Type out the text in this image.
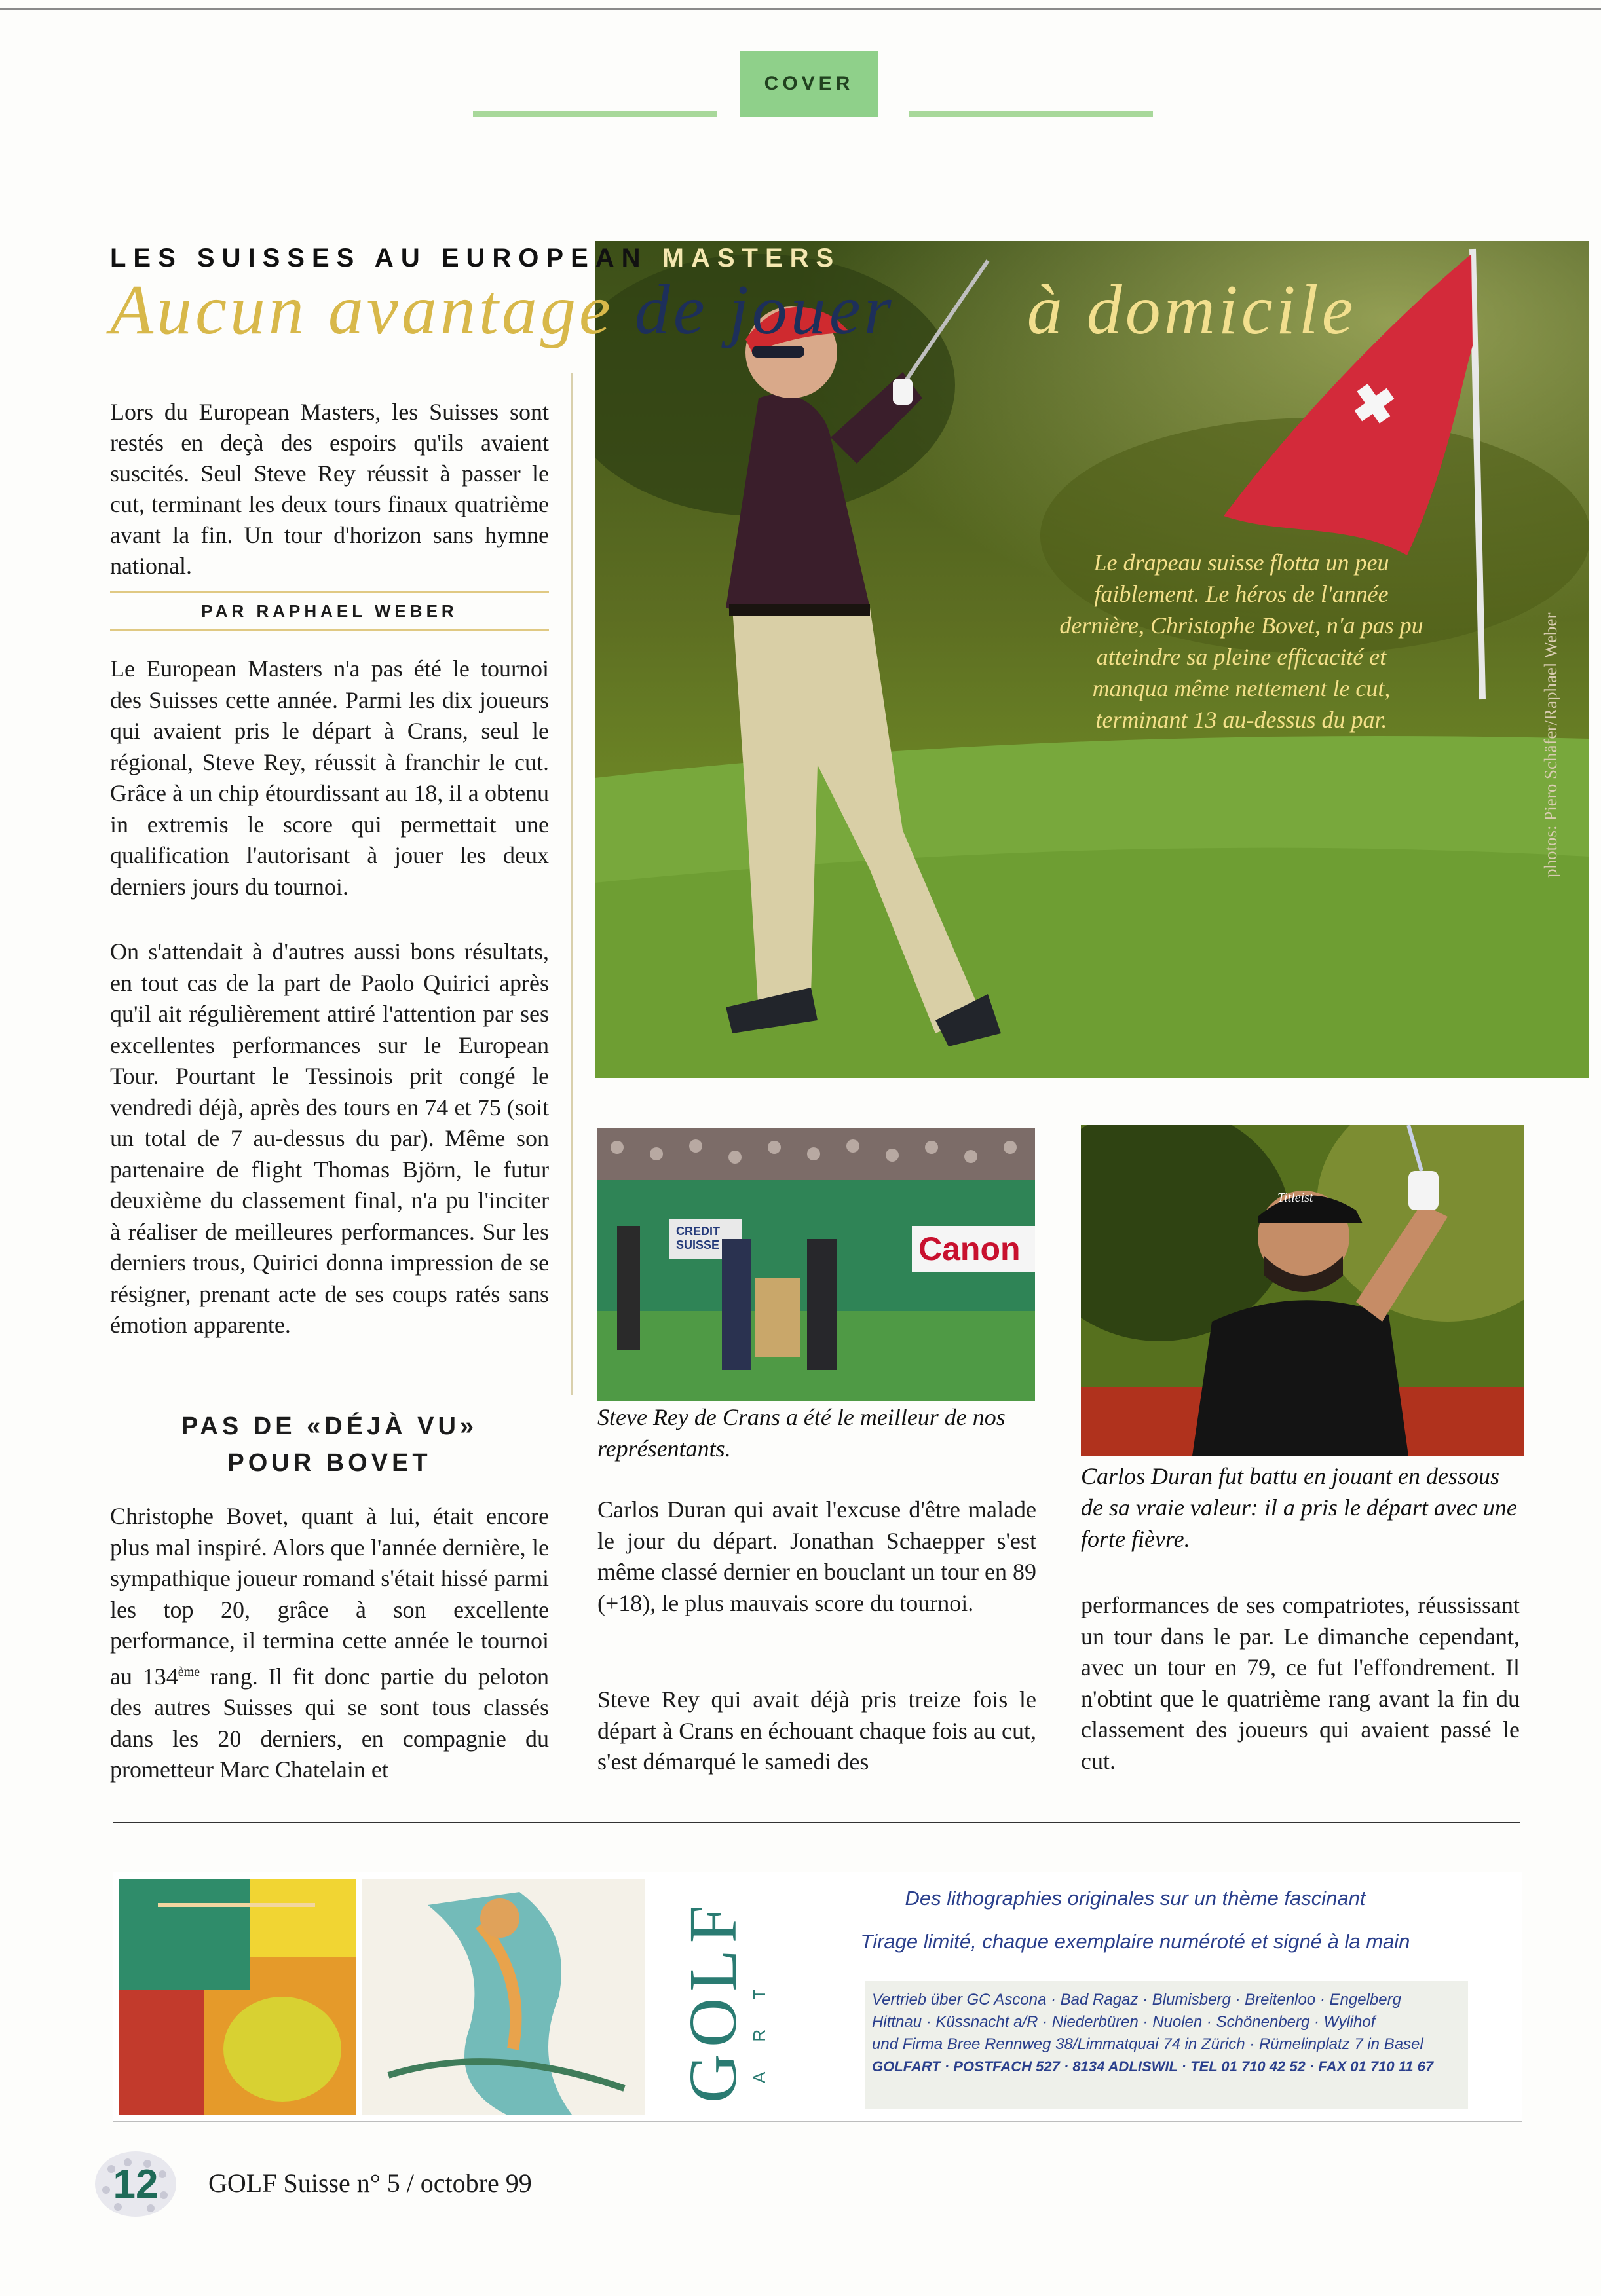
COVER
LES SUISSES AU EUROPEAN MASTERS
Aucun avantage de jouer à domicile
Le drapeau suisse flotta un peu faiblement. Le héros de l'année dernière, Christophe Bovet, n'a pas pu atteindre sa pleine efficacité et manqua même nettement le cut, terminant 13 au-dessus du par.	photos: Piero Schäfer/Raphael Weber

Lors du European Masters, les Suisses sont restés en deçà des espoirs qu'ils avaient suscités. Seul Steve Rey réussit à passer le cut, terminant les deux tours finaux quatrième avant la fin. Un tour d'horizon sans hymne national.

PAR RAPHAEL WEBER

Le European Masters n'a pas été le tournoi des Suisses cette année. Parmi les dix joueurs qui avaient pris le départ à Crans, seul le régional, Steve Rey, réussit à franchir le cut. Grâce à un chip étourdissant au 18, il a obtenu in extremis le score qui permettait une qualification l'autorisant à jouer les deux derniers jours du tournoi.

On s'attendait à d'autres aussi bons résultats, en tout cas de la part de Paolo Quirici après qu'il ait régulièrement attiré l'attention par ses excellentes performances sur le European Tour. Pourtant le Tessinois prit congé le vendredi déjà, après des tours en 74 et 75 (soit un total de 7 au-dessus du par). Même son partenaire de flight Thomas Björn, le futur deuxième du classement final, n'a pu l'inciter à réaliser de meilleures performances. Sur les derniers trous, Quirici donna impression de se résigner, prenant acte de ses coups ratés sans émotion apparente.

PAS DE «DÉJÀ VU»
POUR BOVET

Christophe Bovet, quant à lui, était encore plus mal inspiré. Alors que l'année dernière, le sympathique joueur romand s'était hissé parmi les top 20, grâce à son excellente performance, il termina cette année le tournoi au 134ème rang. Il fit donc partie du peloton des autres Suisses qui se sont tous classés dans les 20 derniers, en compagnie du prometteur Marc Chatelain et

CREDIT SUISSE	Canon
Steve Rey de Crans a été le meilleur de nos représentants.
Titleist
Carlos Duran fut battu en jouant en dessous de sa vraie valeur: il a pris le départ avec une forte fièvre.

Carlos Duran qui avait l'excuse d'être malade le jour du départ. Jonathan Schaepper s'est même classé dernier en bouclant un tour en 89 (+18), le plus mauvais score du tournoi.

Steve Rey qui avait déjà pris treize fois le départ à Crans en échouant chaque fois au cut, s'est démarqué le samedi des

performances de ses compatriotes, réussissant un tour dans le par. Le dimanche cependant, avec un tour en 79, ce fut l'effondrement. Il n'obtint que le quatrième rang avant la fin du classement des joueurs qui avaient passé le cut.

GOLF
ART
Des lithographies originales sur un thème fascinant
Tirage limité, chaque exemplaire numéroté et signé à la main
Vertrieb über GC Ascona · Bad Ragaz · Blumisberg · Breitenloo · Engelberg
Hittnau · Küssnacht a/R · Niederbüren · Nuolen · Schönenberg · Wylihof
und Firma Bree Rennweg 38/Limmatquai 74 in Zürich · Rümelinplatz 7 in Basel
GOLFART · POSTFACH 527 · 8134 ADLISWIL · TEL 01 710 42 52 · FAX 01 710 11 67
12	GOLF Suisse n° 5 / octobre 99
